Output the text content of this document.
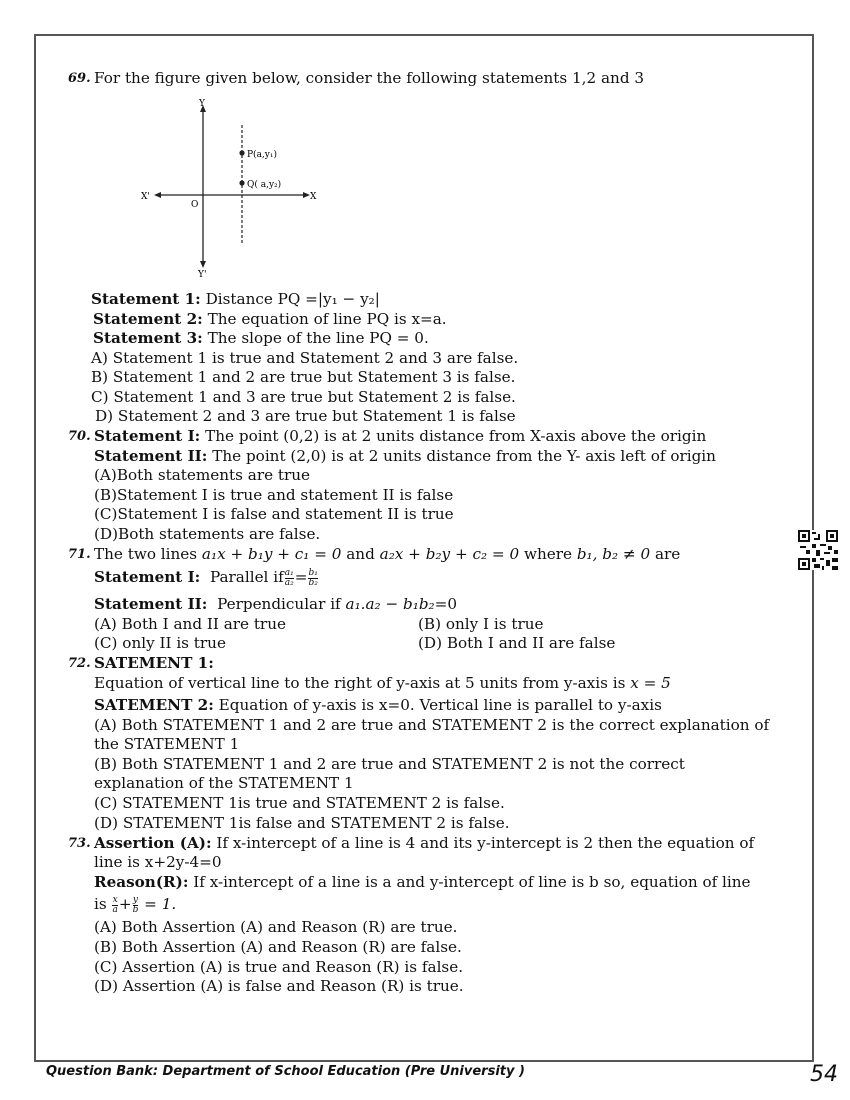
69. For the figure given below, consider the following statements 1,2 and 3
Y
Y'
X
X'
O
P(a,y₁)
Q( a,y₂)
Statement 1: Distance PQ =|y₁ − y₂|
Statement 2: The equation of line PQ is x=a.
Statement 3: The slope of the line PQ = 0.
A) Statement 1 is true and Statement 2 and 3 are false.
B) Statement 1 and 2 are true but Statement 3 is false.
C) Statement 1 and 3 are true but Statement 2 is false.
D) Statement 2 and 3 are true but Statement 1 is false
70. Statement I: The point (0,2) is at 2 units distance from X-axis above the origin
Statement II: The point (2,0) is at 2 units distance from the Y- axis left of origin
(A)Both statements are true
(B)Statement I is true and statement II is false
(C)Statement I is false and statement II is true
(D)Both statements are false.
71. The two lines a₁x + b₁y + c₁ = 0 and a₂x + b₂y + c₂ = 0 where b₁, b₂ ≠ 0 are
Statement I: Parallel if $\frac{\text{a₁}}{\text{a₂}} = \frac{\text{b₁}}{\text{b₂}}$
Statement II: Perpendicular if a₁.a₂ − b₁b₂=0
(A) Both I and II are true	(B) only I is true
(C) only II is true	(D) Both I and II are false
72. SATEMENT 1:
Equation of vertical line to the right of y-axis at 5 units from y-axis is x = 5
SATEMENT 2: Equation of y-axis is x=0. Vertical line is parallel to y-axis
(A) Both STATEMENT 1 and 2 are true and STATEMENT 2 is the correct explanation of
the STATEMENT 1
(B) Both STATEMENT 1 and 2 are true and STATEMENT 2 is not the correct
explanation of the STATEMENT 1
(C) STATEMENT 1is true and STATEMENT 2 is false.
(D) STATEMENT 1is false and STATEMENT 2 is false.
73. Assertion (A): If x-intercept of a line is 4 and its y-intercept is 2 then the equation of
line is x+2y-4=0
Reason(R): If x-intercept of a line is a and y-intercept of line is b so, equation of line
is $\frac{x}{a} + \frac{y}{b} = 1$.
(A) Both Assertion (A) and Reason (R) are true.
(B) Both Assertion (A) and Reason (R) are false.
(C) Assertion (A) is true and Reason (R) is false.
(D) Assertion (A) is false and Reason (R) is true.
Question Bank: Department of School Education (Pre University )	54
